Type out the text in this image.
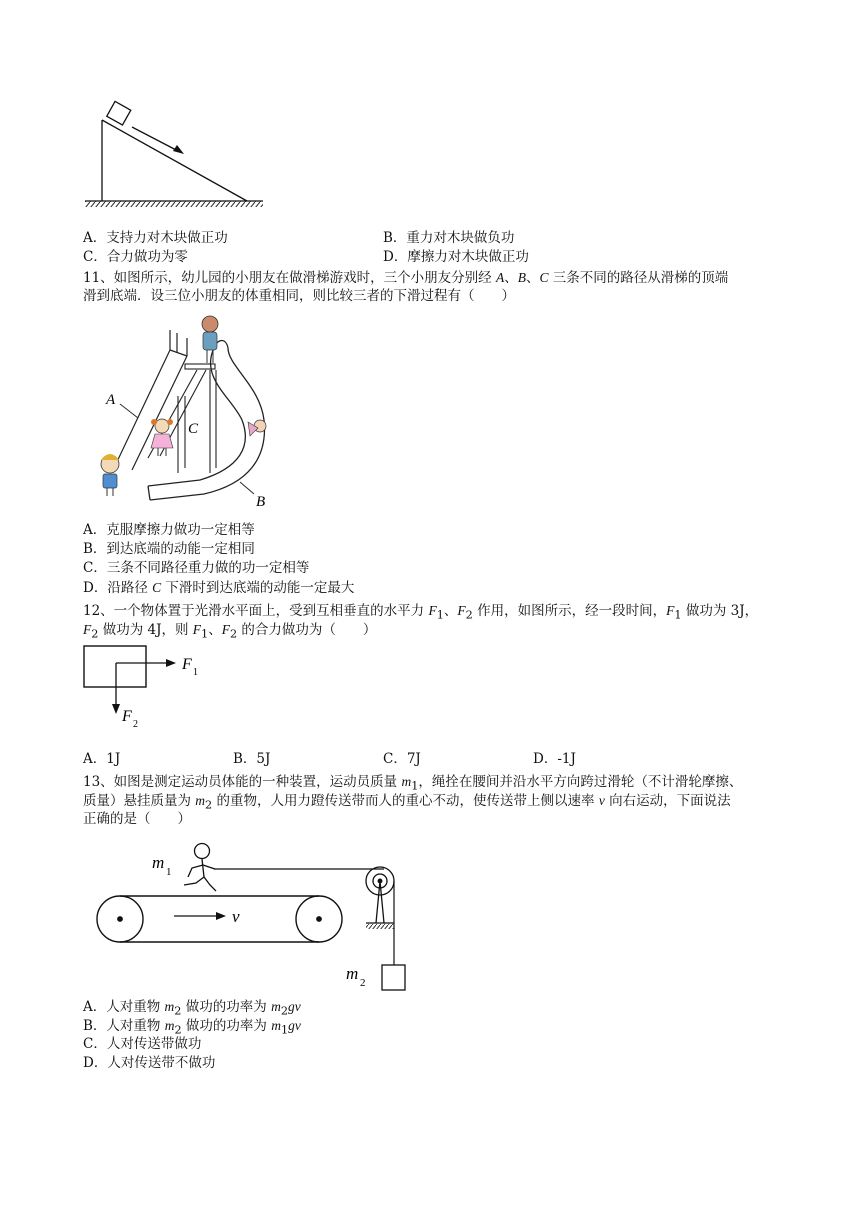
A．支持力对木块做正功	B．重力对木块做负功
C．合力做功为零	D．摩擦力对木块做正功
11、如图所示，幼儿园的小朋友在做滑梯游戏时，三个小朋友分别经 A、B、C 三条不同的路径从滑梯的顶端
滑到底端．设三位小朋友的体重相同，则比较三者的下滑过程有（　　）
A
C
B
A．克服摩擦力做功一定相等
B．到达底端的动能一定相同
C．三条不同路径重力做的功一定相等
D．沿路径 C 下滑时到达底端的动能一定最大
12、一个物体置于光滑水平面上，受到互相垂直的水平力 $F_1$、$F_2$ 作用，如图所示，经一段时间，$F_1$ 做功为 3J，
$F_2$ 做功为 4J，则 $F_1$、$F_2$ 的合力做功为（　　）
F 1
F 2
A．1J	B．5J	C．7J	D．-1J
13、如图是测定运动员体能的一种装置，运动员质量 $m_1$，绳拴在腰间并沿水平方向跨过滑轮（不计滑轮摩擦、
质量）悬挂质量为 $m_2$ 的重物，人用力蹬传送带而人的重心不动，使传送带上侧以速率 v 向右运动，下面说法
正确的是（　　）
v
m 1
m 2
A．人对重物 $m_2$ 做功的功率为 $m_2gv$
B．人对重物 $m_2$ 做功的功率为 $m_1gv$
C．人对传送带做功
D．人对传送带不做功
